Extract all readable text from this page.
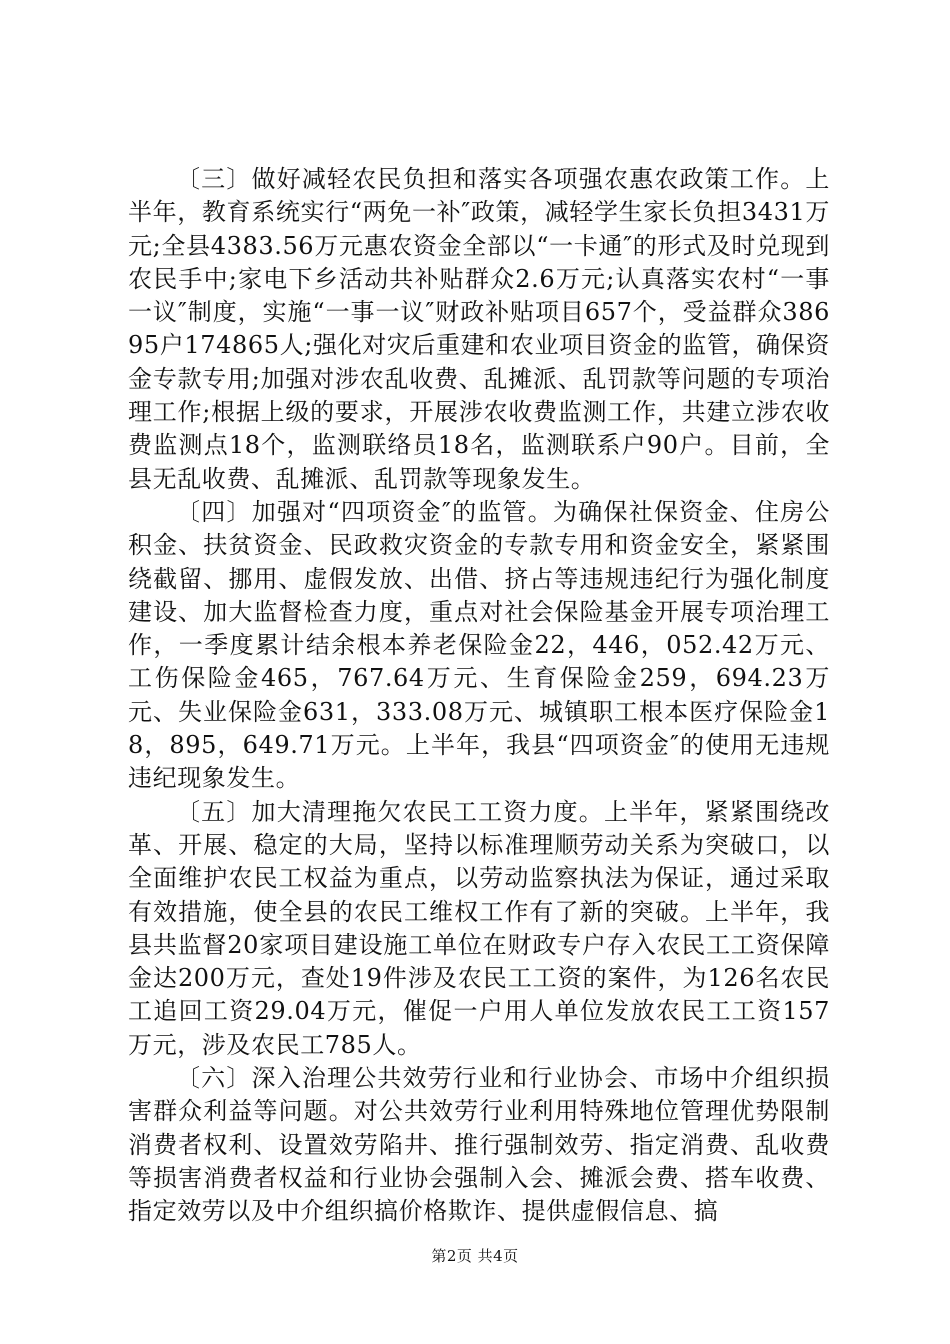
〔三〕做好减轻农民负担和落实各项强农惠农政策工作。上半年，教育系统实行“两免一补″政策，减轻学生家长负担3431万元;全县4383.56万元惠农资金全部以“一卡通″的形式及时兑现到农民手中;家电下乡活动共补贴群众2.6万元;认真落实农村“一事一议″制度，实施“一事一议″财政补贴项目657个，受益群众38695户174865人;强化对灾后重建和农业项目资金的监管，确保资金专款专用;加强对涉农乱收费、乱摊派、乱罚款等问题的专项治理工作;根据上级的要求，开展涉农收费监测工作，共建立涉农收费监测点18个，监测联络员18名，监测联系户90户。目前，全县无乱收费、乱摊派、乱罚款等现象发生。

〔四〕加强对“四项资金″的监管。为确保社保资金、住房公积金、扶贫资金、民政救灾资金的专款专用和资金安全，紧紧围绕截留、挪用、虚假发放、出借、挤占等违规违纪行为强化制度建设、加大监督检查力度，重点对社会保险基金开展专项治理工作，一季度累计结余根本养老保险金22，446，052.42万元、工伤保险金465，767.64万元、生育保险金259，694.23万元、失业保险金631，333.08万元、城镇职工根本医疗保险金18，895，649.71万元。上半年，我县“四项资金″的使用无违规违纪现象发生。

〔五〕加大清理拖欠农民工工资力度。上半年，紧紧围绕改革、开展、稳定的大局，坚持以标准理顺劳动关系为突破口，以全面维护农民工权益为重点，以劳动监察执法为保证，通过采取有效措施，使全县的农民工维权工作有了新的突破。上半年，我县共监督20家项目建设施工单位在财政专户存入农民工工资保障金达200万元，查处19件涉及农民工工资的案件，为126名农民工追回工资29.04万元，催促一户用人单位发放农民工工资157万元，涉及农民工785人。

〔六〕深入治理公共效劳行业和行业协会、市场中介组织损害群众利益等问题。对公共效劳行业利用特殊地位管理优势限制消费者权利、设置效劳陷井、推行强制效劳、指定消费、乱收费等损害消费者权益和行业协会强制入会、摊派会费、搭车收费、指定效劳以及中介组织搞价格欺诈、提供虚假信息、搞

第2页 共4页
